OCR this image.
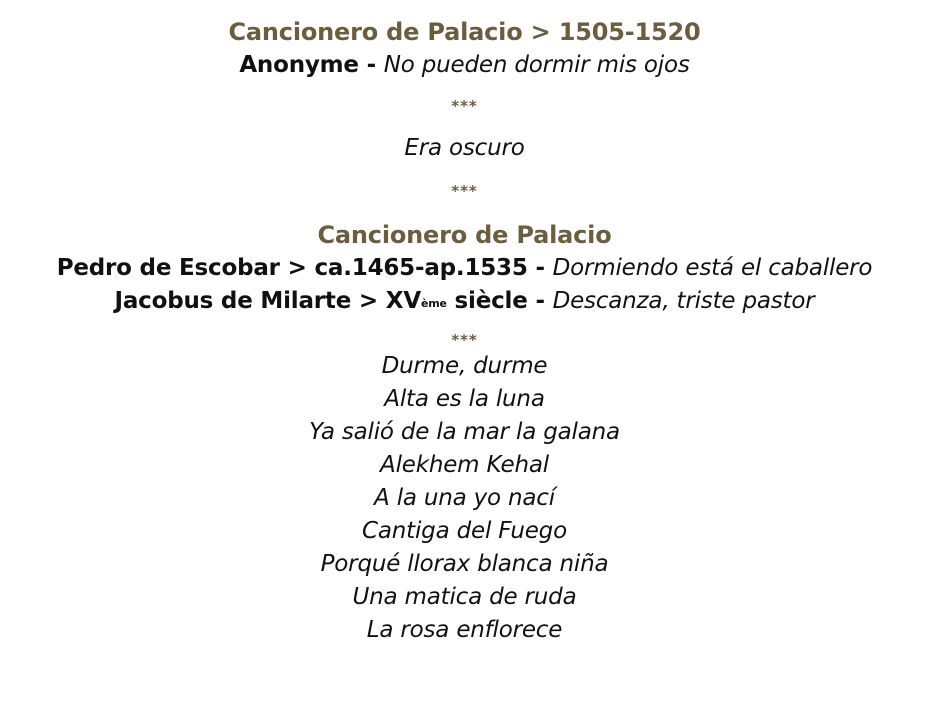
Cancionero de Palacio > 1505-1520
Anonyme - No pueden dormir mis ojos
***
Era oscuro
***
Cancionero de Palacio
Pedro de Escobar > ca.1465-ap.1535 - Dormiendo está el caballero
Jacobus de Milarte > XVème siècle - Descanza, triste pastor
***
Durme, durme
Alta es la luna
Ya salió de la mar la galana
Alekhem Kehal
A la una yo nací
Cantiga del Fuego
Porqué llorax blanca niña
Una matica de ruda
La rosa enflorece
